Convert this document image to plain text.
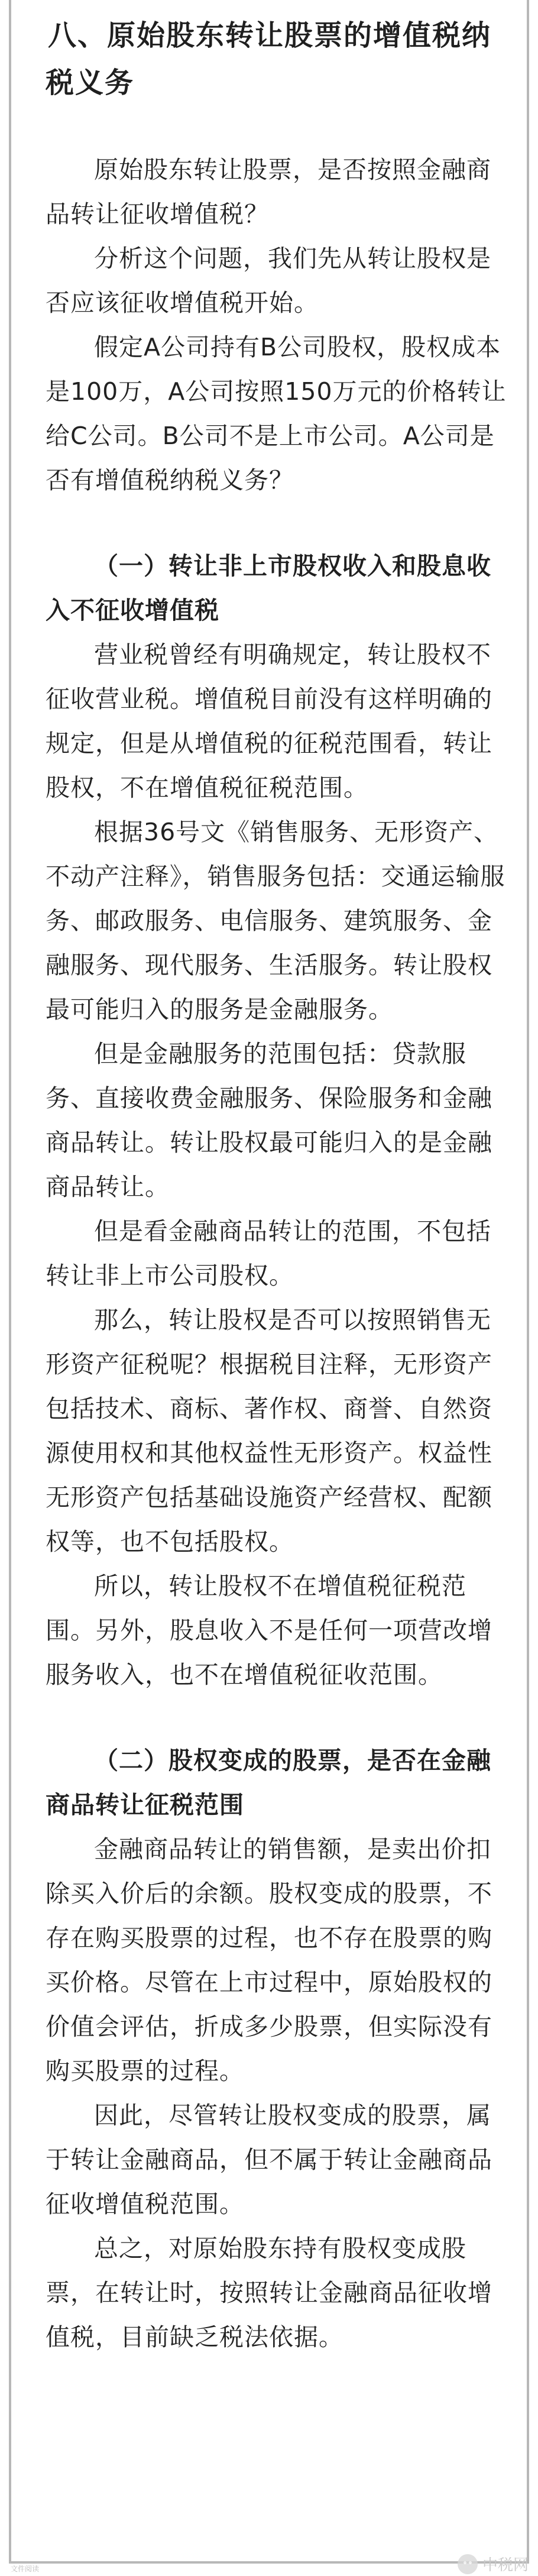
八、原始股东转让股票的增值税纳税义务

原始股东转让股票，是否按照金融商品转让征收增值税？

分析这个问题，我们先从转让股权是否应该征收增值税开始。

假定A公司持有B公司股权，股权成本是100万，A公司按照150万元的价格转让给C公司。B公司不是上市公司。A公司是否有增值税纳税义务？

（一）转让非上市股权收入和股息收入不征收增值税

营业税曾经有明确规定，转让股权不征收营业税。增值税目前没有这样明确的规定，但是从增值税的征税范围看，转让股权，不在增值税征税范围。

根据36号文《销售服务、无形资产、不动产注释》，销售服务包括：交通运输服务、邮政服务、电信服务、建筑服务、金融服务、现代服务、生活服务。转让股权最可能归入的服务是金融服务。

但是金融服务的范围包括：贷款服务、直接收费金融服务、保险服务和金融商品转让。转让股权最可能归入的是金融商品转让。

但是看金融商品转让的范围，不包括转让非上市公司股权。

那么，转让股权是否可以按照销售无形资产征税呢？根据税目注释，无形资产包括技术、商标、著作权、商誉、自然资源使用权和其他权益性无形资产。权益性无形资产包括基础设施资产经营权、配额权等，也不包括股权。

所以，转让股权不在增值税征税范围。另外，股息收入不是任何一项营改增服务收入，也不在增值税征收范围。

（二）股权变成的股票，是否在金融商品转让征税范围

金融商品转让的销售额，是卖出价扣除买入价后的余额。股权变成的股票，不存在购买股票的过程，也不存在股票的购买价格。尽管在上市过程中，原始股权的价值会评估，折成多少股票，但实际没有购买股票的过程。

因此，尽管转让股权变成的股票，属于转让金融商品，但不属于转让金融商品征收增值税范围。

总之，对原始股东持有股权变成股票，在转让时，按照转让金融商品征收增值税，目前缺乏税法依据。

文件阅读	中税网
